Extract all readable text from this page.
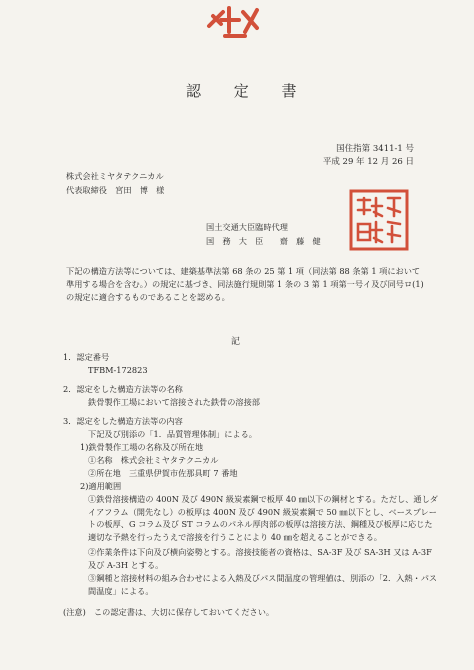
認 定 書
国住指第 3411-1 号
平成 29 年 12 月 26 日
株式会社ミヤタテクニカル
代表取締役　宮田　博　様
国土交通大臣臨時代理
国　務　大　臣　　齋　藤　健
下記の構造方法等については、建築基準法第 68 条の 25 第 1 項（同法第 88 条第 1 項において準用する場合を含む。）の規定に基づき、同法施行規則第 1 条の 3 第 1 項第一号イ及び同号ロ(1)の規定に適合するものであることを認める。
記
1．認定番号
TFBM-172823
2．認定をした構造方法等の名称
鉄骨製作工場において溶接された鉄骨の溶接部
3．認定をした構造方法等の内容
下記及び別添の「1．品質管理体制」による。
1)鉄骨製作工場の名称及び所在地
①名称　株式会社ミヤタテクニカル
②所在地　三重県伊賀市佐那具町 7 番地
2)適用範囲
①鉄骨溶接構造の 400N 及び 490N 級炭素鋼で板厚 40 ㎜以下の鋼材とする。ただし、通しダイアフラム（開先なし）の板厚は 400N 及び 490N 級炭素鋼で 50 ㎜以下とし、ベースプレートの板厚、G コラム及び ST コラムのパネル厚肉部の板厚は溶接方法、鋼種及び板厚に応じた適切な予熱を行ったうえで溶接を行うことにより 40 ㎜を超えることができる。
②作業条件は下向及び横向姿勢とする。溶接技能者の資格は、SA-3F 及び SA-3H 又は A-3F 及び A-3H とする。
③鋼種と溶接材料の組み合わせによる入熱及びパス間温度の管理値は、別添の「2．入熱・パス間温度」による。
(注意)　この認定書は、大切に保存しておいてください。
